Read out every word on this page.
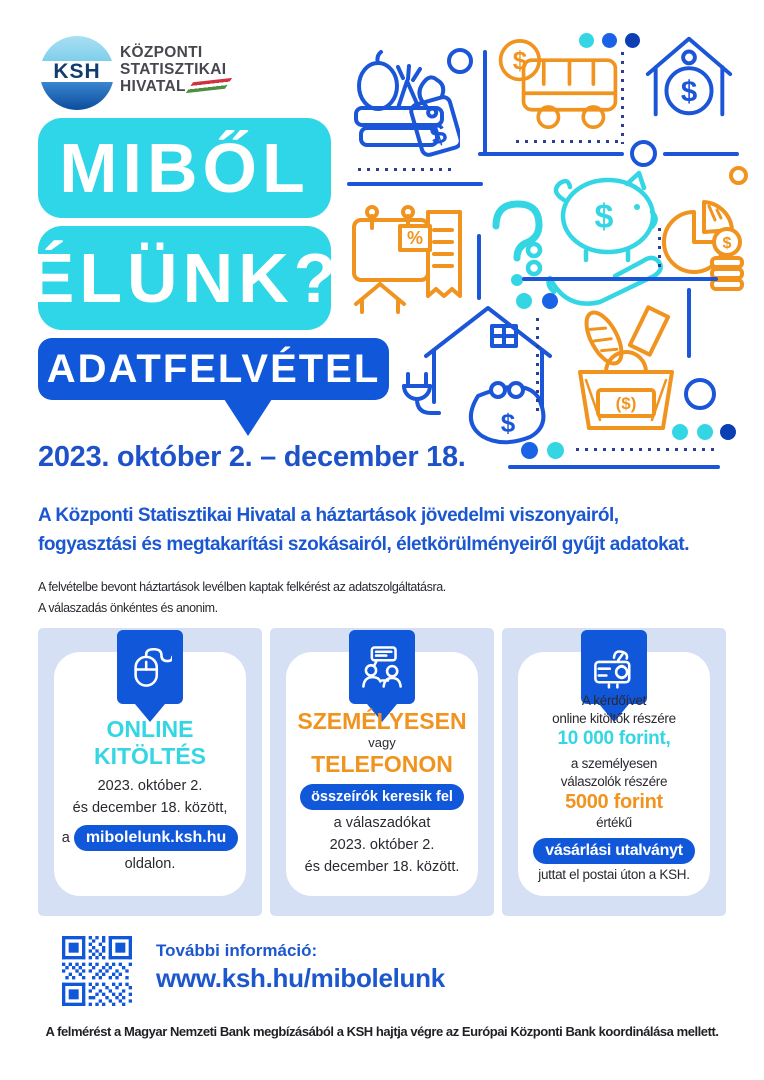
KSH
KÖZPONTI
STATISZTIKAI
HIVATAL
$
$
$
%
$
$
$
($)
MIBŐL
ÉLÜNK?
ADATFELVÉTEL
2023. október 2. – december 18.
A Központi Statisztikai Hivatal a háztartások jövedelmi viszonyairól,
fogyasztási és megtakarítási szokásairól, életkörülményeiről gyűjt adatokat.
A felvételbe bevont háztartások levélben kaptak felkérést az adatszolgáltatásra.
A válaszadás önkéntes és anonim.
ONLINE
KITÖLTÉS
2023. október 2.
és december 18. között,
a mibolelunk.ksh.hu
oldalon.
SZEMÉLYESEN
vagy
TELEFONON
összeírók keresik fel
a válaszadókat
2023. október 2.
és december 18. között.
A kérdőívet
online kitöltők részére
10 000 forint,
a személyesen
válaszolók részére
5000 forint
értékű
vásárlási utalványt
juttat el postai úton a KSH.
További információ:
www.ksh.hu/mibolelunk
A felmérést a Magyar Nemzeti Bank megbízásából a KSH hajtja végre az Európai Központi Bank koordinálása mellett.
